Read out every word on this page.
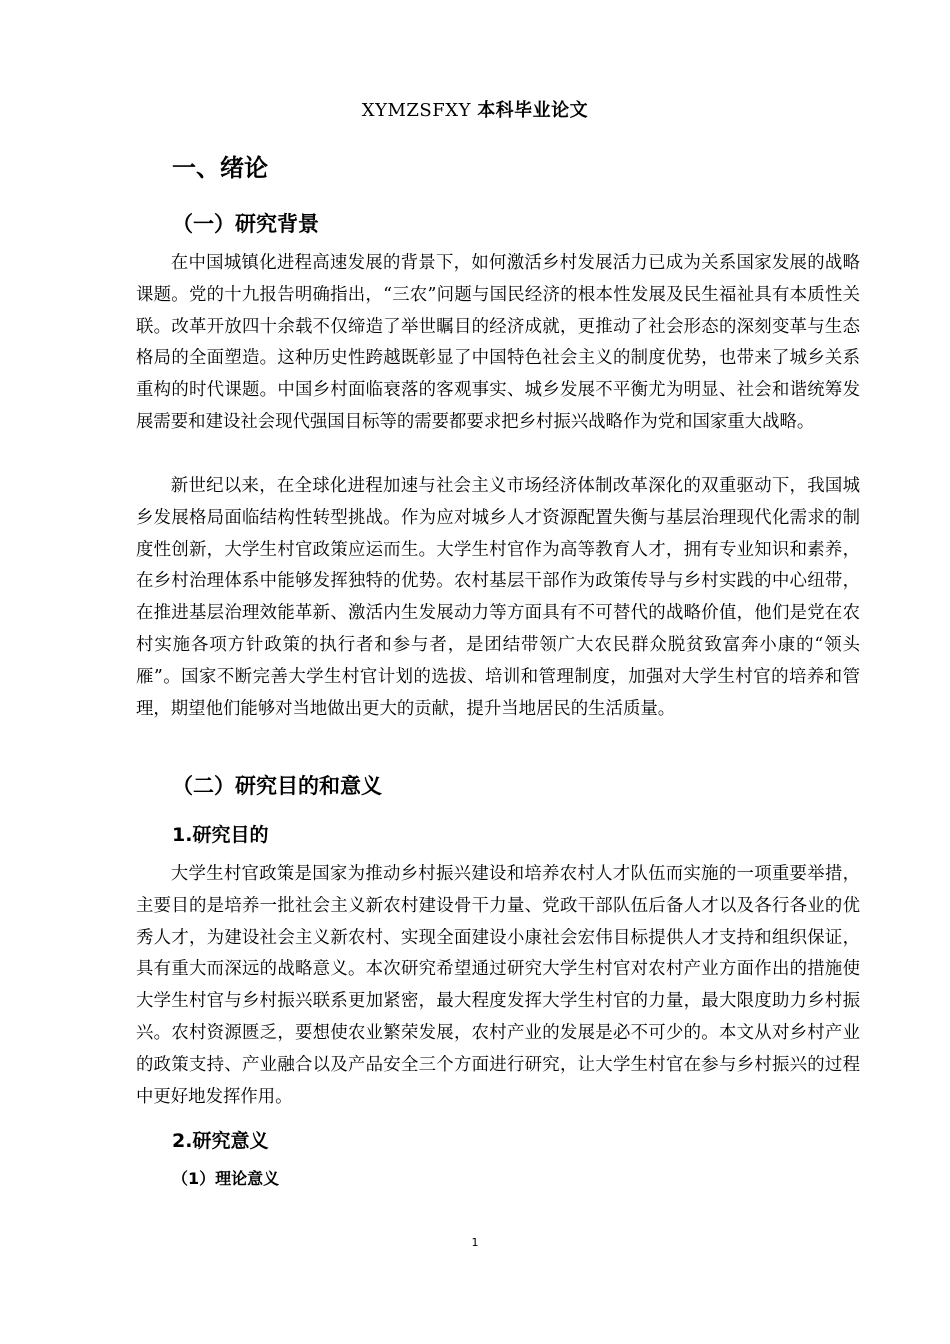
XYMZSFXY 本科毕业论文
一、绪论
（一）研究背景

在中国城镇化进程高速发展的背景下，如何激活乡村发展活力已成为关系国家发展的战略课题。党的十九报告明确指出，“三农”问题与国民经济的根本性发展及民生福祉具有本质性关联。改革开放四十余载不仅缔造了举世瞩目的经济成就，更推动了社会形态的深刻变革与生态格局的全面塑造。这种历史性跨越既彰显了中国特色社会主义的制度优势，也带来了城乡关系重构的时代课题。中国乡村面临衰落的客观事实、城乡发展不平衡尤为明显、社会和谐统筹发展需要和建设社会现代强国目标等的需要都要求把乡村振兴战略作为党和国家重大战略。

新世纪以来，在全球化进程加速与社会主义市场经济体制改革深化的双重驱动下，我国城乡发展格局面临结构性转型挑战。作为应对城乡人才资源配置失衡与基层治理现代化需求的制度性创新，大学生村官政策应运而生。大学生村官作为高等教育人才，拥有专业知识和素养，在乡村治理体系中能够发挥独特的优势。农村基层干部作为政策传导与乡村实践的中心纽带，在推进基层治理效能革新、激活内生发展动力等方面具有不可替代的战略价值，他们是党在农村实施各项方针政策的执行者和参与者，是团结带领广大农民群众脱贫致富奔小康的“领头雁”。国家不断完善大学生村官计划的选拔、培训和管理制度，加强对大学生村官的培养和管理，期望他们能够对当地做出更大的贡献，提升当地居民的生活质量。

（二）研究目的和意义
1.研究目的

大学生村官政策是国家为推动乡村振兴建设和培养农村人才队伍而实施的一项重要举措，主要目的是培养一批社会主义新农村建设骨干力量、党政干部队伍后备人才以及各行各业的优秀人才，为建设社会主义新农村、实现全面建设小康社会宏伟目标提供人才支持和组织保证，具有重大而深远的战略意义。本次研究希望通过研究大学生村官对农村产业方面作出的措施使大学生村官与乡村振兴联系更加紧密，最大程度发挥大学生村官的力量，最大限度助力乡村振兴。农村资源匮乏，要想使农业繁荣发展，农村产业的发展是必不可少的。本文从对乡村产业的政策支持、产业融合以及产品安全三个方面进行研究，让大学生村官在参与乡村振兴的过程中更好地发挥作用。

2.研究意义
（1）理论意义
1
